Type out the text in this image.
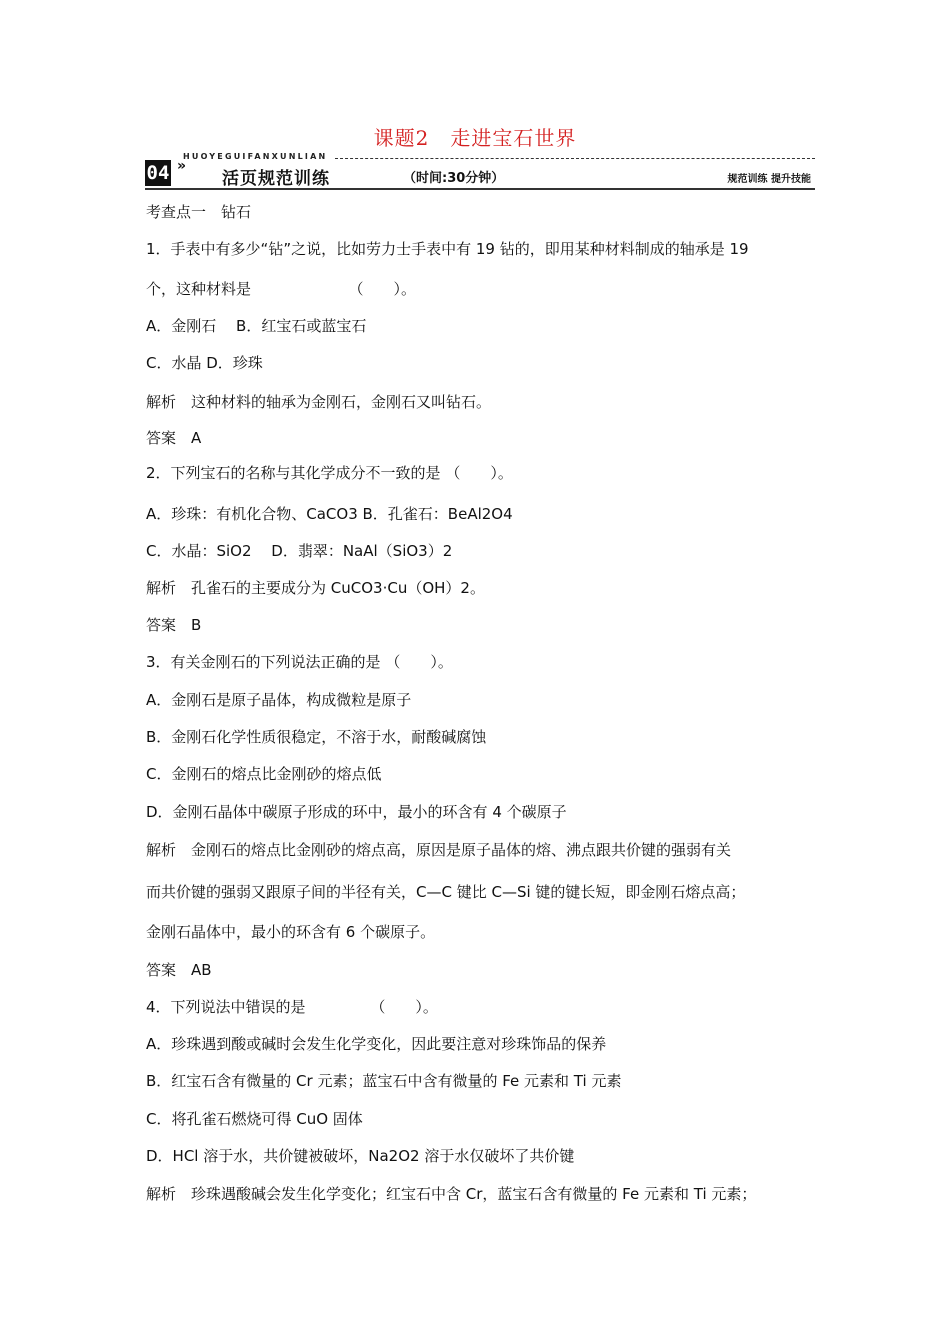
课题2　走进宝石世界
HUOYEGUIFANXUNLIAN
04 »
活页规范训练	（时间:30分钟）	规范训练 提升技能
考查点一　钻石
1．手表中有多少“钻”之说，比如劳力士手表中有 19 钻的，即用某种材料制成的轴承是 19
个，这种材料是　　　　　　　（　　）。
A．金刚石　 B．红宝石或蓝宝石
C．水晶 D．珍珠
解析　这种材料的轴承为金刚石，金刚石又叫钻石。
答案　A
2．下列宝石的名称与其化学成分不一致的是 （　　）。
A．珍珠：有机化合物、CaCO3 B．孔雀石：BeAl2O4
C．水晶：SiO2　 D．翡翠：NaAl（SiO3）2
解析　孔雀石的主要成分为 CuCO3·Cu（OH）2。
答案　B
3．有关金刚石的下列说法正确的是 （　　）。
A．金刚石是原子晶体，构成微粒是原子
B．金刚石化学性质很稳定，不溶于水，耐酸碱腐蚀
C．金刚石的熔点比金刚砂的熔点低
D．金刚石晶体中碳原子形成的环中，最小的环含有 4 个碳原子
解析　金刚石的熔点比金刚砂的熔点高，原因是原子晶体的熔、沸点跟共价键的强弱有关
而共价键的强弱又跟原子间的半径有关，C—C 键比 C—Si 键的键长短，即金刚石熔点高；
金刚石晶体中，最小的环含有 6 个碳原子。
答案　AB
4．下列说法中错误的是　　　　 （　　）。
A．珍珠遇到酸或碱时会发生化学变化，因此要注意对珍珠饰品的保养
B．红宝石含有微量的 Cr 元素；蓝宝石中含有微量的 Fe 元素和 Ti 元素
C．将孔雀石燃烧可得 CuO 固体
D．HCl 溶于水，共价键被破坏，Na2O2 溶于水仅破坏了共价键
解析　珍珠遇酸碱会发生化学变化；红宝石中含 Cr，蓝宝石含有微量的 Fe 元素和 Ti 元素；
